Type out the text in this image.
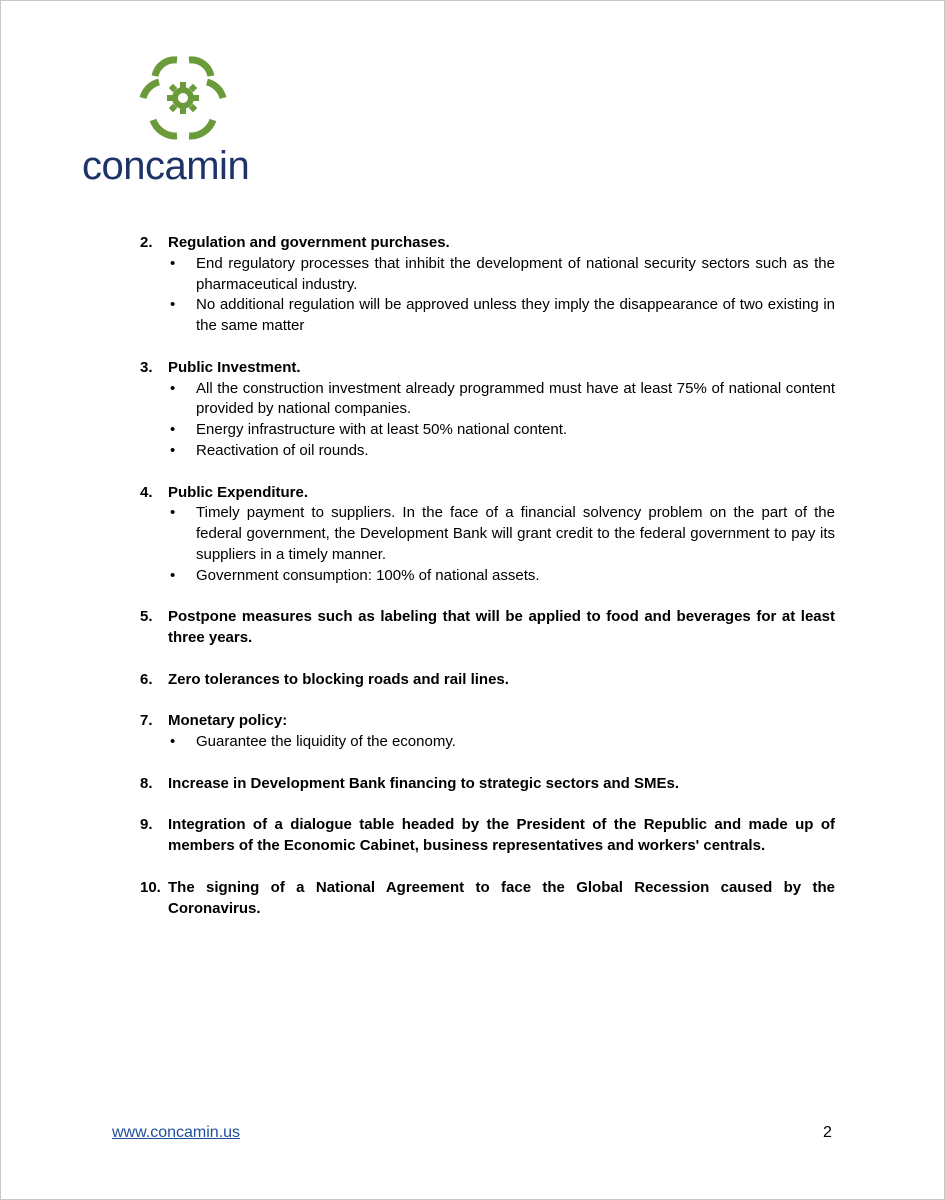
concamin
2. Regulation and government purchases.
• End regulatory processes that inhibit the development of national security sectors such as the pharmaceutical industry.
• No additional regulation will be approved unless they imply the disappearance of two existing in the same matter
3. Public Investment.
• All the construction investment already programmed must have at least 75% of national content provided by national companies.
• Energy infrastructure with at least 50% national content.
• Reactivation of oil rounds.
4. Public Expenditure.
• Timely payment to suppliers. In the face of a financial solvency problem on the part of the federal government, the Development Bank will grant credit to the federal government to pay its suppliers in a timely manner.
• Government consumption: 100% of national assets.
5. Postpone measures such as labeling that will be applied to food and beverages for at least three years.
6. Zero tolerances to blocking roads and rail lines.
7. Monetary policy:
• Guarantee the liquidity of the economy.
8. Increase in Development Bank financing to strategic sectors and SMEs.
9. Integration of a dialogue table headed by the President of the Republic and made up of members of the Economic Cabinet, business representatives and workers' centrals.
10. The signing of a National Agreement to face the Global Recession caused by the Coronavirus.
www.concamin.us	2
